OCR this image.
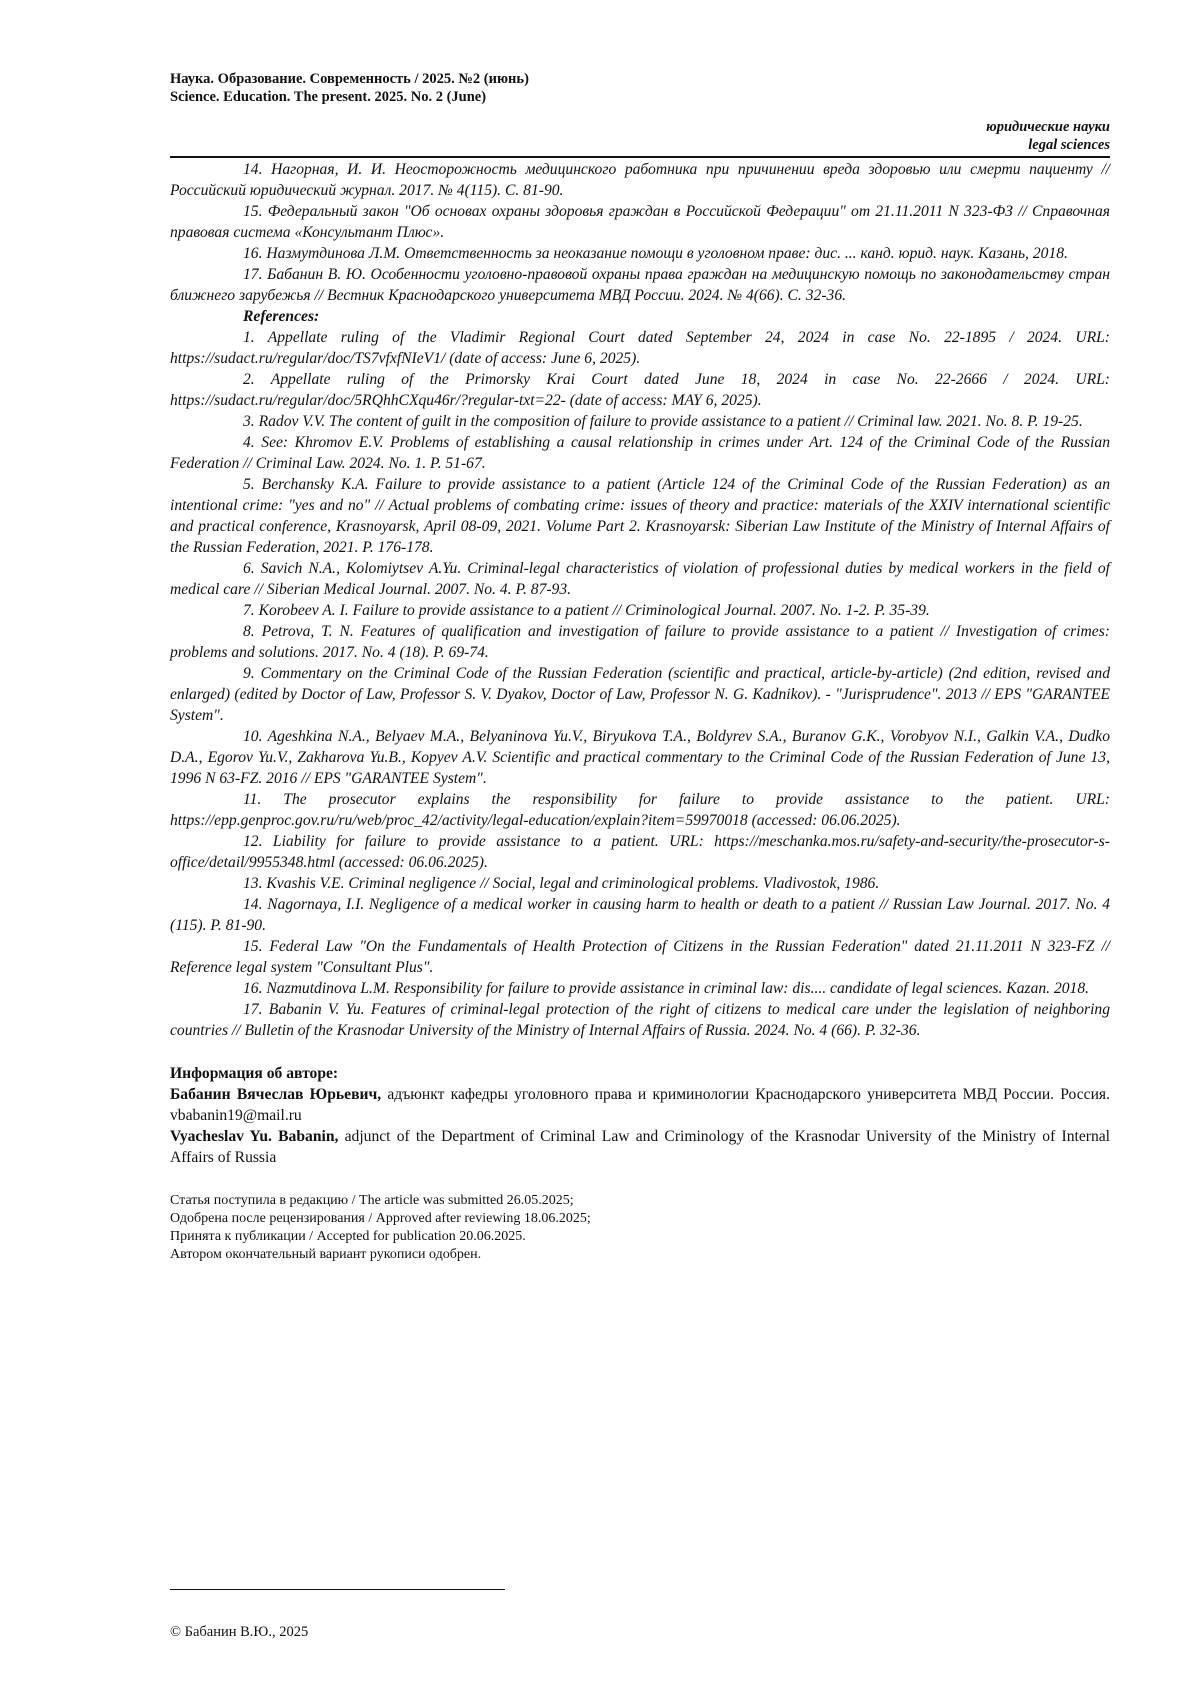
Наука. Образование. Современность / 2025. №2 (июнь)
Science. Education. The present. 2025. No. 2 (June)
юридические науки
legal sciences

14. Нагорная, И. И. Неосторожность медицинского работника при причинении вреда здоровью или смерти пациенту // Российский юридический журнал. 2017. № 4(115). С. 81-90.

15. Федеральный закон "Об основах охраны здоровья граждан в Российской Федерации" от 21.11.2011 N 323-ФЗ // Справочная правовая система «Консультант Плюс».

16. Назмутдинова Л.М. Ответственность за неоказание помощи в уголовном праве: дис. ... канд. юрид. наук. Казань, 2018.

17. Бабанин В. Ю. Особенности уголовно-правовой охраны права граждан на медицинскую помощь по законодательству стран ближнего зарубежья // Вестник Краснодарского университета МВД России. 2024. № 4(66). С. 32-36.

References:

1. Appellate ruling of the Vladimir Regional Court dated September 24, 2024 in case No. 22-1895 / 2024. URL: https://sudact.ru/regular/doc/TS7vfxfNIeV1/ (date of access: June 6, 2025).

2. Appellate ruling of the Primorsky Krai Court dated June 18, 2024 in case No. 22-2666 / 2024. URL: https://sudact.ru/regular/doc/5RQhhCXqu46r/?regular-txt=22- (date of access: MAY 6, 2025).

3. Radov V.V. The content of guilt in the composition of failure to provide assistance to a patient // Criminal law. 2021. No. 8. P. 19-25.

4. See: Khromov E.V. Problems of establishing a causal relationship in crimes under Art. 124 of the Criminal Code of the Russian Federation // Criminal Law. 2024. No. 1. P. 51-67.

5. Berchansky K.A. Failure to provide assistance to a patient (Article 124 of the Criminal Code of the Russian Federation) as an intentional crime: "yes and no" // Actual problems of combating crime: issues of theory and practice: materials of the XXIV international scientific and practical conference, Krasnoyarsk, April 08-09, 2021. Volume Part 2. Krasnoyarsk: Siberian Law Institute of the Ministry of Internal Affairs of the Russian Federation, 2021. P. 176-178.

6. Savich N.A., Kolomiytsev A.Yu. Criminal-legal characteristics of violation of professional duties by medical workers in the field of medical care // Siberian Medical Journal. 2007. No. 4. P. 87-93.

7. Korobeev A. I. Failure to provide assistance to a patient // Criminological Journal. 2007. No. 1-2. P. 35-39.

8. Petrova, T. N. Features of qualification and investigation of failure to provide assistance to a patient // Investigation of crimes: problems and solutions. 2017. No. 4 (18). P. 69-74.

9. Commentary on the Criminal Code of the Russian Federation (scientific and practical, article-by-article) (2nd edition, revised and enlarged) (edited by Doctor of Law, Professor S. V. Dyakov, Doctor of Law, Professor N. G. Kadnikov). - "Jurisprudence". 2013 // EPS "GARANTEE System".

10. Ageshkina N.A., Belyaev M.A., Belyaninova Yu.V., Biryukova T.A., Boldyrev S.A., Buranov G.K., Vorobyov N.I., Galkin V.A., Dudko D.A., Egorov Yu.V., Zakharova Yu.B., Kopyev A.V. Scientific and practical commentary to the Criminal Code of the Russian Federation of June 13, 1996 N 63-FZ. 2016 // EPS "GARANTEE System".

11. The prosecutor explains the responsibility for failure to provide assistance to the patient. URL: https://epp.genproc.gov.ru/ru/web/proc_42/activity/legal-education/explain?item=59970018 (accessed: 06.06.2025).

12. Liability for failure to provide assistance to a patient. URL: https://meschanka.mos.ru/safety-and-security/the-prosecutor-s-office/detail/9955348.html (accessed: 06.06.2025).

13. Kvashis V.E. Criminal negligence // Social, legal and criminological problems. Vladivostok, 1986.

14. Nagornaya, I.I. Negligence of a medical worker in causing harm to health or death to a patient // Russian Law Journal. 2017. No. 4 (115). P. 81-90.

15. Federal Law "On the Fundamentals of Health Protection of Citizens in the Russian Federation" dated 21.11.2011 N 323-FZ // Reference legal system "Consultant Plus".

16. Nazmutdinova L.M. Responsibility for failure to provide assistance in criminal law: dis.... candidate of legal sciences. Kazan. 2018.

17. Babanin V. Yu. Features of criminal-legal protection of the right of citizens to medical care under the legislation of neighboring countries // Bulletin of the Krasnodar University of the Ministry of Internal Affairs of Russia. 2024. No. 4 (66). P. 32-36.

Информация об авторе:

Бабанин Вячеслав Юрьевич, адъюнкт кафедры уголовного права и криминологии Краснодарского университета МВД России. Россия. vbabanin19@mail.ru

Vyacheslav Yu. Babanin, adjunct of the Department of Criminal Law and Criminology of the Krasnodar University of the Ministry of Internal Affairs of Russia

Статья поступила в редакцию / The article was submitted 26.05.2025;

Одобрена после рецензирования / Approved after reviewing 18.06.2025;

Принята к публикации / Accepted for publication 20.06.2025.

Автором окончательный вариант рукописи одобрен.

© Бабанин В.Ю., 2025
